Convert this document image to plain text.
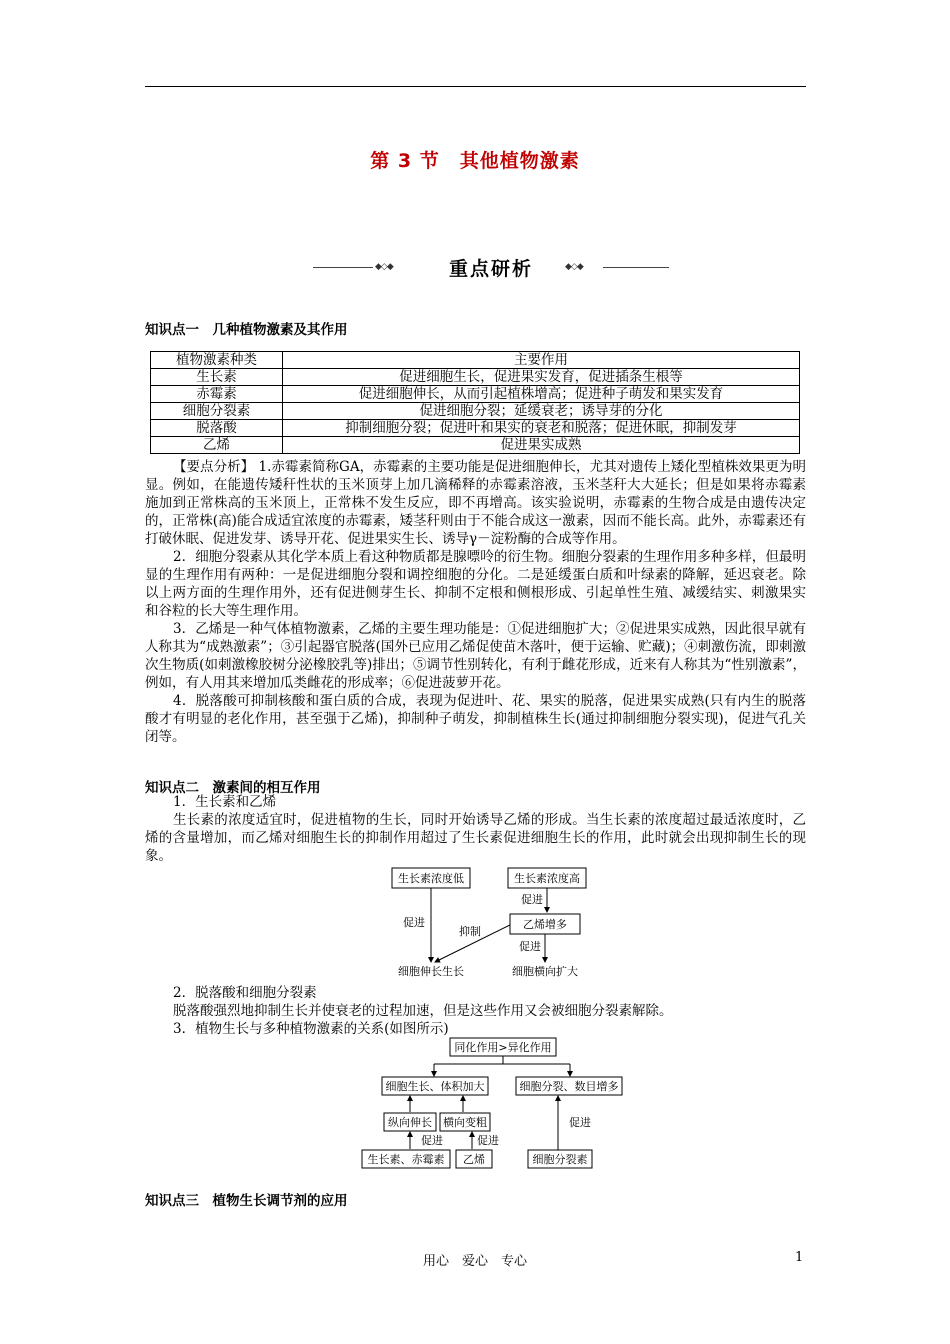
第 3 节　其他植物激素
◆◇◆	重点研析	◆◇◆
知识点一　几种植物激素及其作用
植物激素种类	主要作用
生长素	促进细胞生长，促进果实发育，促进插条生根等
赤霉素	促进细胞伸长，从而引起植株增高；促进种子萌发和果实发育
细胞分裂素	促进细胞分裂；延缓衰老；诱导芽的分化
脱落酸	抑制细胞分裂；促进叶和果实的衰老和脱落；促进休眠，抑制发芽
乙烯	促进果实成熟

【要点分析】 1.赤霉素简称GA，赤霉素的主要功能是促进细胞伸长，尤其对遗传上矮化型植株效果更为明显。例如，在能遗传矮秆性状的玉米顶芽上加几滴稀释的赤霉素溶液，玉米茎秆大大延长；但是如果将赤霉素施加到正常株高的玉米顶上，正常株不发生反应，即不再增高。该实验说明，赤霉素的生物合成是由遗传决定的，正常株(高)能合成适宜浓度的赤霉素，矮茎秆则由于不能合成这一激素，因而不能长高。此外，赤霉素还有打破休眠、促进发芽、诱导开花、促进果实生长、诱导γ－淀粉酶的合成等作用。

2．细胞分裂素从其化学本质上看这种物质都是腺嘌呤的衍生物。细胞分裂素的生理作用多种多样，但最明显的生理作用有两种：一是促进细胞分裂和调控细胞的分化。二是延缓蛋白质和叶绿素的降解，延迟衰老。除以上两方面的生理作用外，还有促进侧芽生长、抑制不定根和侧根形成、引起单性生殖、减缓结实、刺激果实和谷粒的长大等生理作用。

3．乙烯是一种气体植物激素，乙烯的主要生理功能是：①促进细胞扩大；②促进果实成熟，因此很早就有人称其为“成熟激素”；③引起器官脱落(国外已应用乙烯促使苗木落叶，便于运输、贮藏)；④刺激伤流，即刺激次生物质(如刺激橡胶树分泌橡胶乳等)排出；⑤调节性别转化，有利于雌花形成，近来有人称其为“性别激素”，例如，有人用其来增加瓜类雌花的形成率；⑥促进菠萝开花。

4．脱落酸可抑制核酸和蛋白质的合成，表现为促进叶、花、果实的脱落，促进果实成熟(只有内生的脱落酸才有明显的老化作用，甚至强于乙烯)，抑制种子萌发，抑制植株生长(通过抑制细胞分裂实现)，促进气孔关闭等。

知识点二　激素间的相互作用

1．生长素和乙烯

生长素的浓度适宜时，促进植物的生长，同时开始诱导乙烯的形成。当生长素的浓度超过最适浓度时，乙烯的含量增加，而乙烯对细胞生长的抑制作用超过了生长素促进细胞生长的作用，此时就会出现抑制生长的现象。

生长素浓度低	生长素浓度高
促进
促进
乙烯增多
抑制
促进
细胞伸长生长	细胞横向扩大

2．脱落酸和细胞分裂素

脱落酸强烈地抑制生长并使衰老的过程加速，但是这些作用又会被细胞分裂素解除。

3．植物生长与多种植物激素的关系(如图所示)

同化作用>异化作用
细胞生长、体积加大	细胞分裂、数目增多
纵向伸长 横向变粗
促进	促进
促进
生长素、赤霉素 乙烯	细胞分裂素
知识点三　植物生长调节剂的应用
用心　爱心　专心	1
